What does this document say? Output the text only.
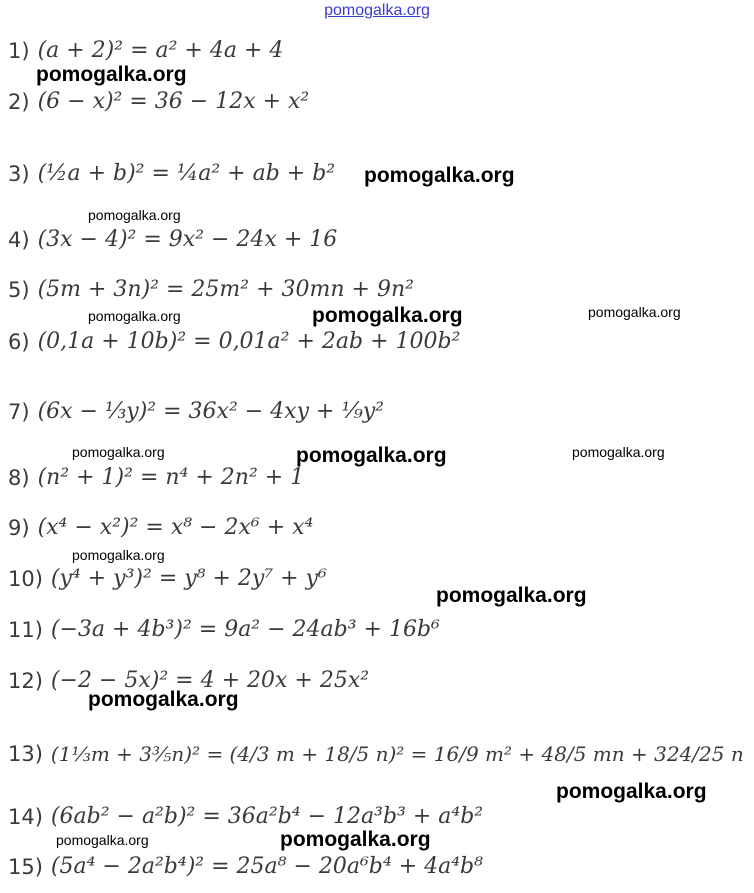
pomogalka.org
1) (a + 2)² = a² + 4a + 4
2) (6 − x)² = 36 − 12x + x²
3) (½a + b)² = ¼a² + ab + b²
4) (3x − 4)² = 9x² − 24x + 16
5) (5m + 3n)² = 25m² + 30mn + 9n²
6) (0,1a + 10b)² = 0,01a² + 2ab + 100b²
7) (6x − ⅓y)² = 36x² − 4xy + ¹⁄₉y²
8) (n² + 1)² = n⁴ + 2n² + 1
9) (x⁴ − x²)² = x⁸ − 2x⁶ + x⁴
10) (y⁴ + y³)² = y⁸ + 2y⁷ + y⁶
11) (−3a + 4b³)² = 9a² − 24ab³ + 16b⁶
12) (−2 − 5x)² = 4 + 20x + 25x²
13) (1⅓m + 3⅗n)² = (4/3 m + 18/5 n)² = 16/9 m² + 48/5 mn + 324/25 n
14) (6ab² − a²b)² = 36a²b⁴ − 12a³b³ + a⁴b²
15) (5a⁴ − 2a²b⁴)² = 25a⁸ − 20a⁶b⁴ + 4a⁴b⁸
pomogalka.org
pomogalka.org
pomogalka.org
pomogalka.org	pomogalka.org	pomogalka.org
pomogalka.org	pomogalka.org	pomogalka.org
pomogalka.org
pomogalka.org
pomogalka.org
pomogalka.org
pomogalka.org	pomogalka.org
